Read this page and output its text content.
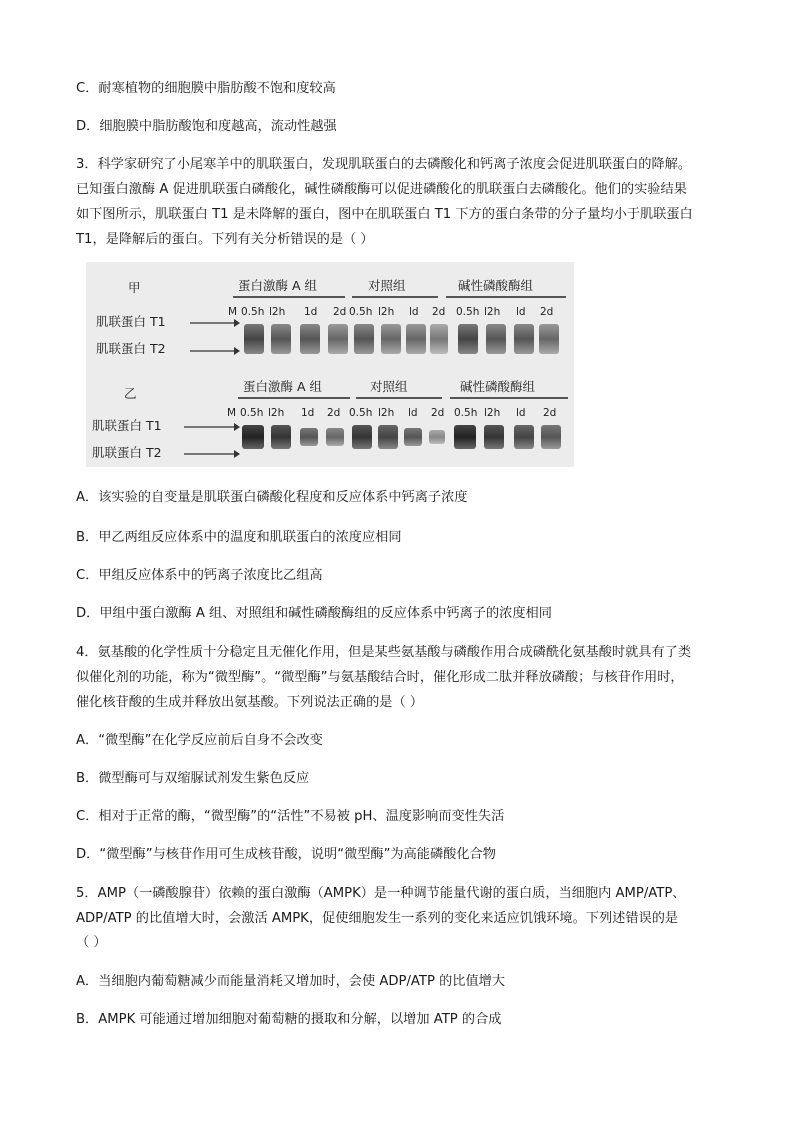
C．耐寒植物的细胞膜中脂肪酸不饱和度较高
D．细胞膜中脂肪酸饱和度越高，流动性越强
3．科学家研究了小尾寒羊中的肌联蛋白，发现肌联蛋白的去磷酸化和钙离子浓度会促进肌联蛋白的降解。
已知蛋白激酶 A 促进肌联蛋白磷酸化，碱性磷酸酶可以促进磷酸化的肌联蛋白去磷酸化。他们的实验结果
如下图所示，肌联蛋白 T1 是未降解的蛋白，图中在肌联蛋白 T1 下方的蛋白条带的分子量均小于肌联蛋白
T1，是降解后的蛋白。下列有关分析错误的是（ ）
甲
肌联蛋白 T1
肌联蛋白 T2
蛋白激酶 A 组	对照组	碱性磷酸酶组
M 0.5h l2h 1d 2d 0.5h l2h ld 2d 0.5h l2h ld 2d
乙
肌联蛋白 T1
肌联蛋白 T2
蛋白激酶 A 组	对照组	碱性磷酸酶组
M 0.5h l2h 1d 2d 0.5h l2h ld 2d 0.5h l2h ld 2d
A．该实验的自变量是肌联蛋白磷酸化程度和反应体系中钙离子浓度
B．甲乙两组反应体系中的温度和肌联蛋白的浓度应相同
C．甲组反应体系中的钙离子浓度比乙组高
D．甲组中蛋白激酶 A 组、对照组和碱性磷酸酶组的反应体系中钙离子的浓度相同
4．氨基酸的化学性质十分稳定且无催化作用，但是某些氨基酸与磷酸作用合成磷酰化氨基酸时就具有了类
似催化剂的功能，称为“微型酶”。“微型酶”与氨基酸结合时，催化形成二肽并释放磷酸；与核苷作用时，
催化核苷酸的生成并释放出氨基酸。下列说法正确的是（ ）
A．“微型酶”在化学反应前后自身不会改变
B．微型酶可与双缩脲试剂发生紫色反应
C．相对于正常的酶，“微型酶”的“活性”不易被 pH、温度影响而变性失活
D．“微型酶”与核苷作用可生成核苷酸，说明“微型酶”为高能磷酸化合物
5．AMP（一磷酸腺苷）依赖的蛋白激酶（AMPK）是一种调节能量代谢的蛋白质，当细胞内 AMP/ATP、
ADP/ATP 的比值增大时，会激活 AMPK，促使细胞发生一系列的变化来适应饥饿环境。下列述错误的是
（ ）
A．当细胞内葡萄糖减少而能量消耗又增加时，会使 ADP/ATP 的比值增大
B．AMPK 可能通过增加细胞对葡萄糖的摄取和分解，以增加 ATP 的合成
